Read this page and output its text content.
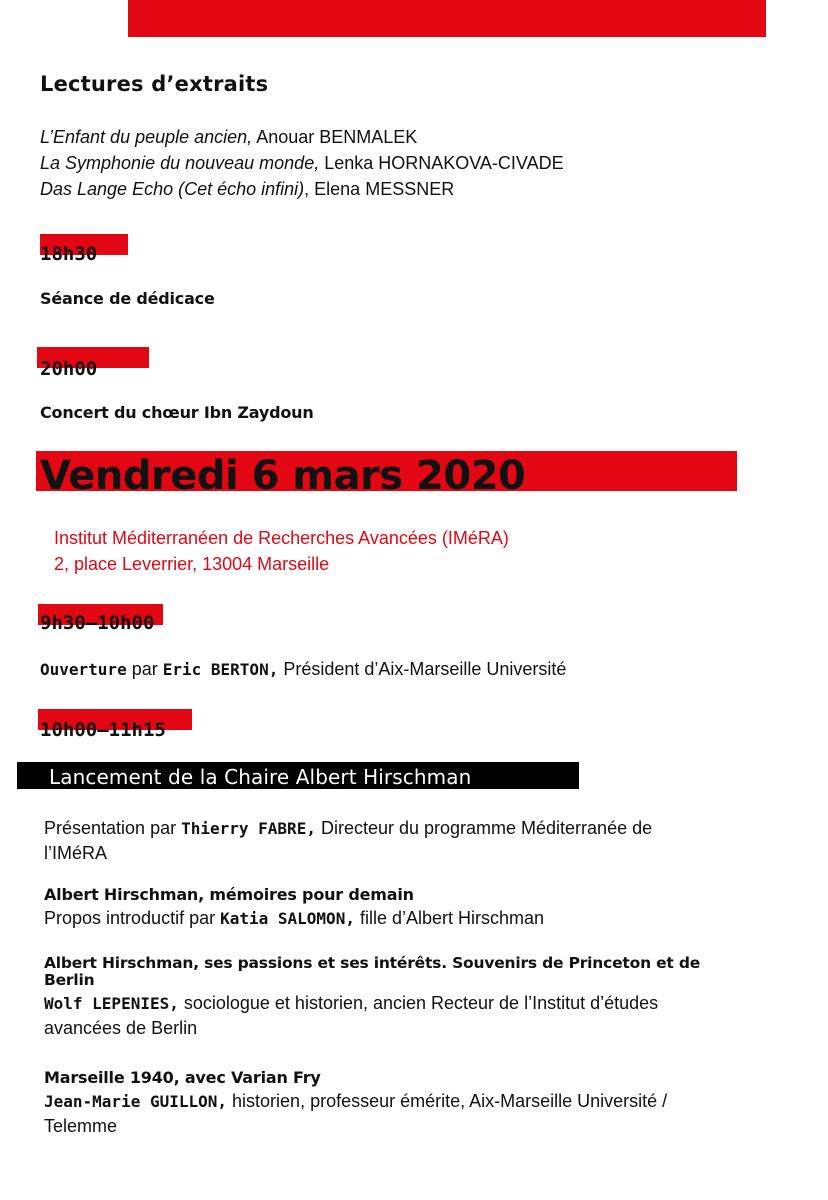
Lectures d’extraits
L’Enfant du peuple ancien, Anouar BENMALEK
La Symphonie du nouveau monde, Lenka HORNAKOVA-CIVADE
Das Lange Echo (Cet écho infini), Elena MESSNER
18h30
Séance de dédicace
20h00
Concert du chœur Ibn Zaydoun
Vendredi 6 mars 2020
Institut Méditerranéen de Recherches Avancées (IMéRA)
2, place Leverrier, 13004 Marseille
9h30—10h00
Ouverture par Eric BERTON, Président d’Aix-Marseille Université
10h00—11h15
Lancement de la Chaire Albert Hirschman
Présentation par Thierry FABRE, Directeur du programme Méditerranée de
l’IMéRA
Albert Hirschman, mémoires pour demain
Propos introductif par Katia SALOMON, fille d’Albert Hirschman
Albert Hirschman, ses passions et ses intérêts. Souvenirs de Princeton et de
Berlin
Wolf LEPENIES, sociologue et historien, ancien Recteur de l’Institut d’études
avancées de Berlin
Marseille 1940, avec Varian Fry
Jean-Marie GUILLON, historien, professeur émérite, Aix-Marseille Université /
Telemme
